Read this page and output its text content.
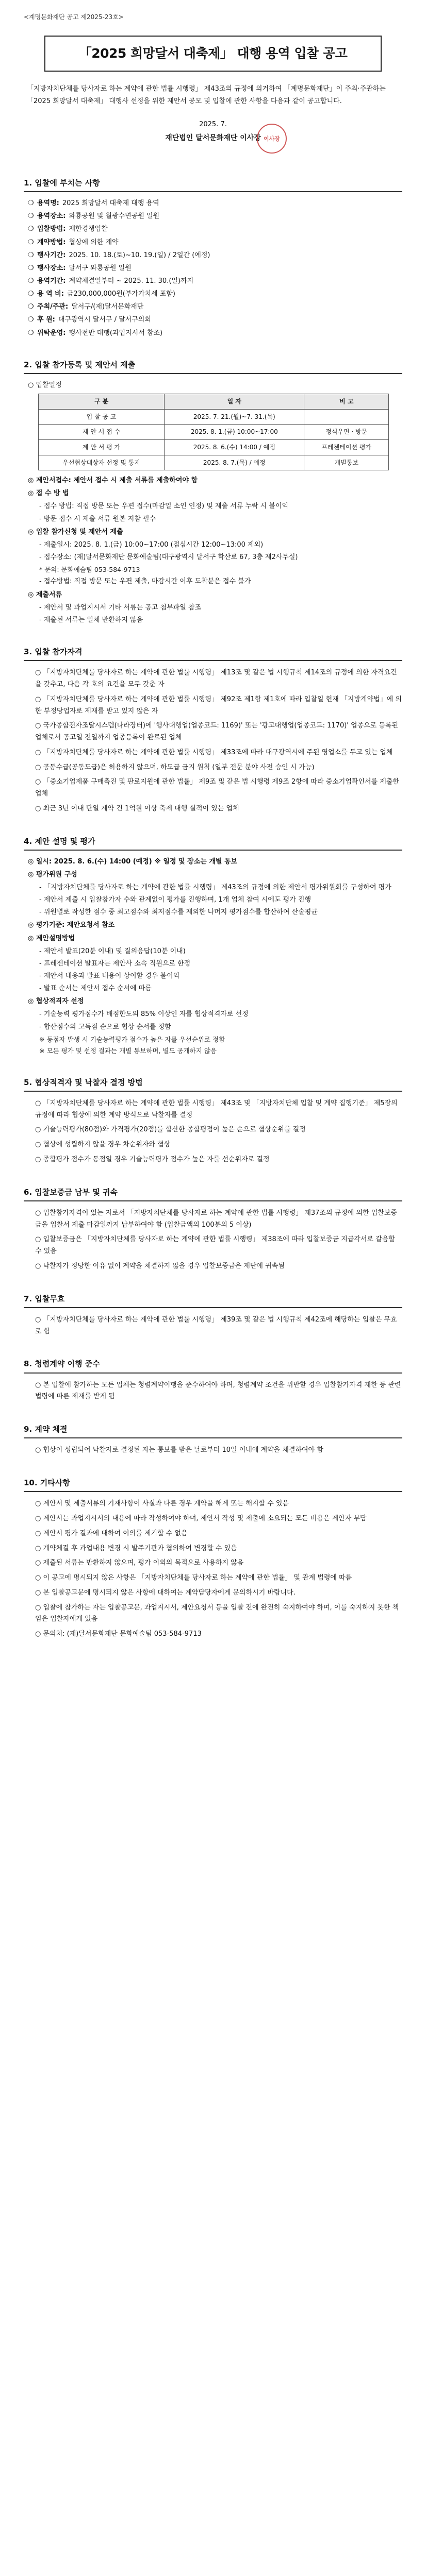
<계명문화재단 공고 제2025-23호>
「2025 희망달서 대축제」 대행 용역 입찰 공고
「지방자치단체를 당사자로 하는 계약에 관한 법률 시행령」 제43조의 규정에 의거하여 「계명문화재단」이 주최·주관하는 「2025 희망달서 대축제」 대행사 선정을 위한 제안서 공모 및 입찰에 관한 사항을 다음과 같이 공고합니다.
2025. 7.
재단법인 달서문화재단 이사장 이사장
1. 입찰에 부치는 사항
❍ 용역명: 2025 희망달서 대축제 대행 용역
❍ 용역장소: 와룡공원 및 월광수변공원 일원
❍ 입찰방법: 제한경쟁입찰
❍ 계약방법: 협상에 의한 계약
❍ 행사기간: 2025. 10. 18.(토)~10. 19.(일) / 2일간 (예정)
❍ 행사장소: 달서구 와룡공원 일원
❍ 용역기간: 계약체결일부터 ~ 2025. 11. 30.(일)까지
❍ 용 역 비: 금230,000,000원(부가가치세 포함)
❍ 주최/주관: 달서구/(재)달서문화재단
❍ 후 원: 대구광역시 달서구 / 달서구의회
❍ 위탁운영: 행사전반 대행(과업지시서 참조)
2. 입찰 참가등록 및 제안서 제출
○ 입찰일정
구 분	일 자	비 고
입 찰 공 고	2025. 7. 21.(월)~7. 31.(목)	
제 안 서 접 수	2025. 8. 1.(금) 10:00~17:00	정식우편 · 방문
제 안 서 평 가	2025. 8. 6.(수) 14:00 / 예정	프레젠테이션 평가
우선협상대상자 선정 및 통지	2025. 8. 7.(목) / 예정	개별통보
◎ 제안서접수: 제안서 접수 시 제출 서류를 제출하여야 함
◎ 접 수 방 법
- 접수 방법: 직접 방문 또는 우편 접수(마감일 소인 인정) 및 제출 서류 누락 시 불이익
- 방문 접수 시 제출 서류 원본 지참 필수
◎ 입찰 참가신청 및 제안서 제출
- 제출일시: 2025. 8. 1.(금) 10:00~17:00 (점심시간 12:00~13:00 제외)
- 접수장소: (재)달서문화재단 문화예술팀(대구광역시 달서구 학산로 67, 3층 제2사무실)
* 문의: 문화예술팀 053-584-9713
- 접수방법: 직접 방문 또는 우편 제출, 마감시간 이후 도착분은 접수 불가
◎ 제출서류
- 제안서 및 과업지시서 기타 서류는 공고 첨부파일 참조
- 제출된 서류는 일체 반환하지 않음
3. 입찰 참가자격
○ 「지방자치단체를 당사자로 하는 계약에 관한 법률 시행령」 제13조 및 같은 법 시행규칙 제14조의 규정에 의한 자격요건을 갖추고, 다음 각 호의 요건을 모두 갖춘 자
○ 「지방자치단체를 당사자로 하는 계약에 관한 법률 시행령」 제92조 제1항 제1호에 따라 입찰일 현재 「지방계약법」에 의한 부정당업자로 제재를 받고 있지 않은 자
○ 국가종합전자조달시스템(나라장터)에 '행사대행업(업종코드: 1169)' 또는 '광고대행업(업종코드: 1170)' 업종으로 등록된 업체로서 공고일 전일까지 업종등록이 완료된 업체
○ 「지방자치단체를 당사자로 하는 계약에 관한 법률 시행령」 제33조에 따라 대구광역시에 주된 영업소를 두고 있는 업체
○ 공동수급(공동도급)은 허용하지 않으며, 하도급 금지 원칙 (일부 전문 분야 사전 승인 시 가능)
○ 「중소기업제품 구매촉진 및 판로지원에 관한 법률」 제9조 및 같은 법 시행령 제9조 2항에 따라 중소기업확인서를 제출한 업체
○ 최근 3년 이내 단일 계약 건 1억원 이상 축제 대행 실적이 있는 업체
4. 제안 설명 및 평가
◎ 일시: 2025. 8. 6.(수) 14:00 (예정) ※ 일정 및 장소는 개별 통보
◎ 평가위원 구성
- 「지방자치단체를 당사자로 하는 계약에 관한 법률 시행령」 제43조의 규정에 의한 제안서 평가위원회를 구성하여 평가
- 제안서 제출 시 입찰참가자 수와 관계없이 평가를 진행하며, 1개 업체 참여 시에도 평가 진행
- 위원별로 작성한 점수 중 최고점수와 최저점수를 제외한 나머지 평가점수를 합산하여 산술평균
◎ 평가기준: 제안요청서 참조
◎ 제안설명방법
- 제안서 발표(20분 이내) 및 질의응답(10분 이내)
- 프레젠테이션 발표자는 제안사 소속 직원으로 한정
- 제안서 내용과 발표 내용이 상이할 경우 불이익
- 발표 순서는 제안서 접수 순서에 따름
◎ 협상적격자 선정
- 기술능력 평가점수가 배점한도의 85% 이상인 자를 협상적격자로 선정
- 합산점수의 고득점 순으로 협상 순서를 정함
※ 동점자 발생 시 기술능력평가 점수가 높은 자를 우선순위로 정함
※ 모든 평가 및 선정 결과는 개별 통보하며, 별도 공개하지 않음
5. 협상적격자 및 낙찰자 결정 방법
○ 「지방자치단체를 당사자로 하는 계약에 관한 법률 시행령」 제43조 및 「지방자치단체 입찰 및 계약 집행기준」 제5장의 규정에 따라 협상에 의한 계약 방식으로 낙찰자를 결정
○ 기술능력평가(80점)와 가격평가(20점)를 합산한 종합평점이 높은 순으로 협상순위를 결정
○ 협상에 성립하지 않을 경우 차순위자와 협상
○ 종합평가 점수가 동점일 경우 기술능력평가 점수가 높은 자를 선순위자로 결정
6. 입찰보증금 납부 및 귀속
○ 입찰참가자격이 있는 자로서 「지방자치단체를 당사자로 하는 계약에 관한 법률 시행령」 제37조의 규정에 의한 입찰보증금을 입찰서 제출 마감일까지 납부하여야 함 (입찰금액의 100분의 5 이상)
○ 입찰보증금은 「지방자치단체를 당사자로 하는 계약에 관한 법률 시행령」 제38조에 따라 입찰보증금 지급각서로 갈음할 수 있음
○ 낙찰자가 정당한 이유 없이 계약을 체결하지 않을 경우 입찰보증금은 재단에 귀속됨
7. 입찰무효
○ 「지방자치단체를 당사자로 하는 계약에 관한 법률 시행령」 제39조 및 같은 법 시행규칙 제42조에 해당하는 입찰은 무효로 함
8. 청렴계약 이행 준수
○ 본 입찰에 참가하는 모든 업체는 청렴계약이행을 준수하여야 하며, 청렴계약 조건을 위반할 경우 입찰참가자격 제한 등 관련 법령에 따른 제재를 받게 됨
9. 계약 체결
○ 협상이 성립되어 낙찰자로 결정된 자는 통보를 받은 날로부터 10일 이내에 계약을 체결하여야 함
10. 기타사항
○ 제안서 및 제출서류의 기재사항이 사실과 다른 경우 계약을 해제 또는 해지할 수 있음
○ 제안서는 과업지시서의 내용에 따라 작성하여야 하며, 제안서 작성 및 제출에 소요되는 모든 비용은 제안자 부담
○ 제안서 평가 결과에 대하여 이의를 제기할 수 없음
○ 계약체결 후 과업내용 변경 시 발주기관과 협의하여 변경할 수 있음
○ 제출된 서류는 반환하지 않으며, 평가 이외의 목적으로 사용하지 않음
○ 이 공고에 명시되지 않은 사항은 「지방자치단체를 당사자로 하는 계약에 관한 법률」 및 관계 법령에 따름
○ 본 입찰공고문에 명시되지 않은 사항에 대하여는 계약담당자에게 문의하시기 바랍니다.
○ 입찰에 참가하는 자는 입찰공고문, 과업지시서, 제안요청서 등을 입찰 전에 완전히 숙지하여야 하며, 이를 숙지하지 못한 책임은 입찰자에게 있음
○ 문의처: (재)달서문화재단 문화예술팀 053-584-9713
